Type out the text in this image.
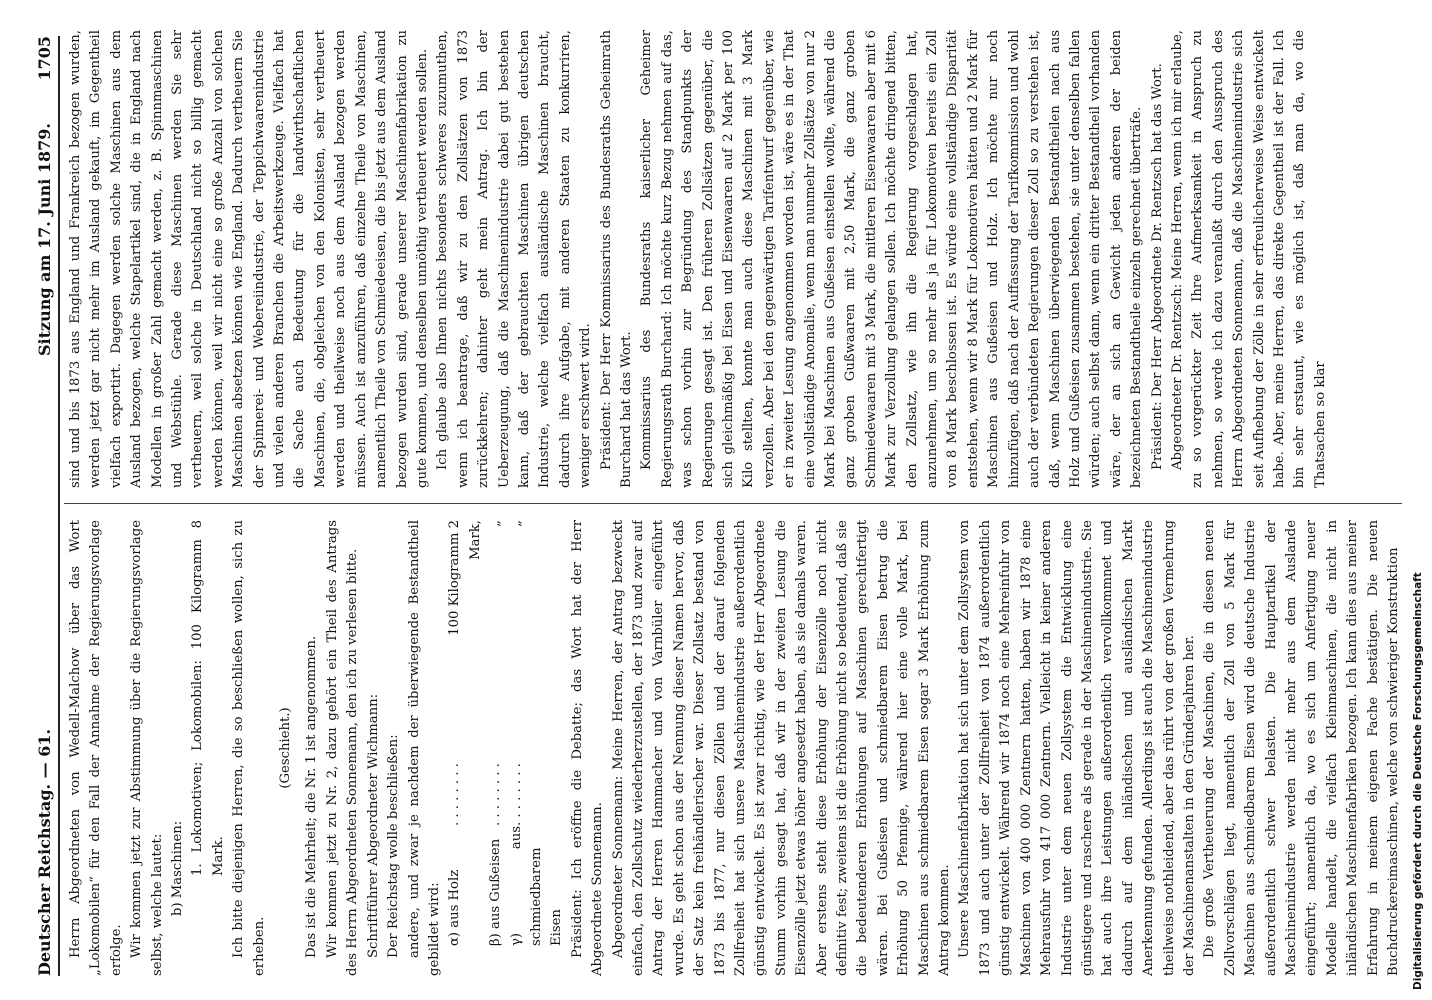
Deutscher Reichstag. — 61.
Sitzung am 17. Juni 1879.
1705

Herrn Abgeordneten von Wedell-Malchow über das Wort „Lokomobilen“ für den Fall der Annahme der Regierungsvorlage erfolge. Wir kommen jetzt zur Abstimmung über die Regierungsvorlage selbst, welche lautet: b) Maschinen: 1. Lokomotiven; Lokomobilen: 100 Kilogramm 8 Mark. Ich bitte diejenigen Herren, die so beschließen wollen, sich zu erheben.

(Geschieht.) Das ist die Mehrheit; die Nr. 1 ist angenommen. Wir kommen jetzt zu Nr. 2, dazu gehört ein Theil des Antrags des Herrn Abgeordneten Sonnemann, den ich zu verlesen bitte. Schriftführer Abgeordneter Wichmann: Der Reichstag wolle beschließen: andere, und zwar je nachdem der überwiegende Bestandtheil gebildet wird: α) aus Holz
. . . . . . . .
100 Kilogramm 2 Mark,
β) aus Gußeisen
. . . . . . . .
„
γ) aus schmiedbarem Eisen
. . . . . . . .
„	Präsident: Ich eröffne die Debatte; das Wort hat der Herr Abgeordnete Sonnemann. Abgeordneter Sonnemann: Meine Herren, der Antrag bezweckt einfach, den Zollschutz wiederherzustellen, der 1873 und zwar auf Antrag der Herren Hammacher und von Varnbüler eingeführt wurde. Es geht schon aus der Nennung dieser Namen hervor, daß der Satz kein freihändlerischer war. Dieser Zollsatz bestand von 1873 bis 1877, nur diesen Zöllen und der darauf folgenden Zollfreiheit hat sich unsere Maschinenindustrie außerordentlich günstig entwickelt. Es ist zwar richtig, wie der Herr Abgeordnete Stumm vorhin gesagt hat, daß wir in der zweiten Lesung die Eisenzölle jetzt etwas höher angesetzt haben, als sie damals waren. Aber erstens steht diese Erhöhung der Eisenzölle noch nicht definitiv fest; zweitens ist die Erhöhung nicht so bedeutend, daß sie die bedeutenderen Erhöhungen auf Maschinen gerechtfertigt wären. Bei Gußeisen und schmiedbarem Eisen betrug die Erhöhung 50 Pfennige, während hier eine volle Mark, bei Maschinen aus schmiedbarem Eisen sogar 3 Mark Erhöhung zum Antrag kommen. Unsere Maschinenfabrikation hat sich unter dem Zollsystem von 1873 und auch unter der Zollfreiheit von 1874 außerordentlich günstig entwickelt. Während wir 1874 noch eine Mehreinfuhr von Maschinen von 400 000 Zentnern hatten, haben wir 1878 eine Mehrausfuhr von 417 000 Zentnern. Vielleicht in keiner anderen Industrie unter dem neuen Zollsystem die Entwicklung eine günstigere und raschere als gerade in der Maschinenindustrie. Sie hat auch ihre Leistungen außerordentlich vervollkommnet und dadurch auf dem inländischen und ausländischen Markt Anerkennung gefunden. Allerdings ist auch die Maschinenindustrie theilweise nothleidend, aber das rührt von der großen Vermehrung der Maschinenanstalten in den Gründerjahren her. Die große Vertheuerung der Maschinen, die in diesen neuen Zollvorschlägen liegt, namentlich der Zoll von 5 Mark für Maschinen aus schmiedbarem Eisen wird die deutsche Industrie außerordentlich schwer belasten. Die Hauptartikel der Maschinenindustrie werden nicht mehr aus dem Auslande eingeführt; namentlich da, wo es sich um Anfertigung neuer Modelle handelt, die vielfach Kleinmaschinen, die nicht in inländischen Maschinenfabriken bezogen. Ich kann dies aus meiner Erfahrung in meinem eigenen Fache bestätigen. Die neuen Buchdruckereimaschinen, welche von schwieriger Konstruktion

sind und bis 1873 aus England und Frankreich bezogen wurden, werden jetzt gar nicht mehr im Ausland gekauft, im Gegentheil vielfach exportirt. Dagegen werden solche Maschinen aus dem Ausland bezogen, welche Stapelartikel sind, die in England nach Modellen in großer Zahl gemacht werden, z. B. Spinnmaschinen und Webstühle. Gerade diese Maschinen werden Sie sehr vertheuern, weil solche in Deutschland nicht so billig gemacht werden können, weil wir nicht eine so große Anzahl von solchen Maschinen absetzen können wie England. Dadurch vertheuern Sie der Spinnerei- und Webereiindustrie, der Teppichwaarenindustrie und vielen anderen Branchen die Arbeitswerkzeuge. Vielfach hat die Sache auch Bedeutung für die landwirthschaftlichen Maschinen, die, obgleichen von den Kolonisten, sehr vertheuert werden und theilweise noch aus dem Ausland bezogen werden müssen. Auch ist anzuführen, daß einzelne Theile von Maschinen, namentlich Theile von Schmiedeeisen, die bis jetzt aus dem Ausland bezogen wurden sind, gerade unserer Maschinenfabrikation zu gute kommen, und denselben unnöthig vertheuert werden sollen. Ich glaube also Ihnen nichts besonders schweres zuzumuthen, wenn ich beantrage, daß wir zu den Zollsätzen von 1873 zurückkehren; dahinter geht mein Antrag. Ich bin der Ueberzeugung, daß die Maschinenindustrie dabei gut bestehen kann, daß der gebrauchten Maschinen übrigen deutschen Industrie, welche vielfach ausländische Maschinen braucht, dadurch ihre Aufgabe, mit anderen Staaten zu konkurriren, weniger erschwert wird. Präsident: Der Herr Kommissarius des Bundesraths Geheimrath Burchard hat das Wort. Kommissarius des Bundesraths kaiserlicher Geheimer Regierungsrath Burchard: Ich möchte kurz Bezug nehmen auf das, was schon vorhin zur Begründung des Standpunkts der Regierungen gesagt ist. Den früheren Zollsätzen gegenüber, die sich gleichmäßig bei Eisen und Eisenwaaren auf 2 Mark per 100 Kilo stellten, konnte man auch diese Maschinen mit 3 Mark verzollen. Aber bei den gegenwärtigen Tarifentwurf gegenüber, wie er in zweiter Lesung angenommen worden ist, wäre es in der That eine vollständige Anomalie, wenn man nunmehr Zollsätze von nur 2 Mark bei Maschinen aus Gußeisen einstellen wollte, während die ganz groben Gußwaaren mit 2,50 Mark, die ganz groben Schmiedewaaren mit 3 Mark, die mittleren Eisenwaaren aber mit 6 Mark zur Verzollung gelangen sollen. Ich möchte dringend bitten, den Zollsatz, wie ihn die Regierung vorgeschlagen hat, anzunehmen, um so mehr als ja für Lokomotiven bereits ein Zoll von 8 Mark beschlossen ist. Es würde eine vollständige Disparität entstehen, wenn wir 8 Mark für Lokomotiven hätten und 2 Mark für Maschinen aus Gußeisen und Holz. Ich möchte nur noch hinzufügen, daß nach der Auffassung der Tarifkommission und wohl auch der verbündeten Regierungen dieser Zoll so zu verstehen ist, daß, wenn Maschinen überwiegenden Bestandtheilen nach aus Holz und Gußeisen zusammen bestehen, sie unter denselben fallen würden; auch selbst dann, wenn ein dritter Bestandtheil vorhanden wäre, der an sich an Gewicht jeden anderen der beiden bezeichneten Bestandtheile einzeln gerechnet überträfe. Präsident: Der Herr Abgeordnete Dr. Rentzsch hat das Wort. Abgeordneter Dr. Rentzsch: Meine Herren, wenn ich mir erlaube, zu so vorgerückter Zeit Ihre Aufmerksamkeit in Anspruch zu nehmen, so werde ich dazu veranlaßt durch den Ausspruch des Herrn Abgeordneten Sonnemann, daß die Maschinenindustrie sich seit Aufhebung der Zölle in sehr erfreulicherweise Weise entwickelt habe. Aber, meine Herren, das direkte Gegentheil ist der Fall. Ich bin sehr erstaunt, wie es möglich ist, daß man da, wo die Thatsachen so klar

Digitalisierung gefördert durch die Deutsche Forschungsgemeinschaft
